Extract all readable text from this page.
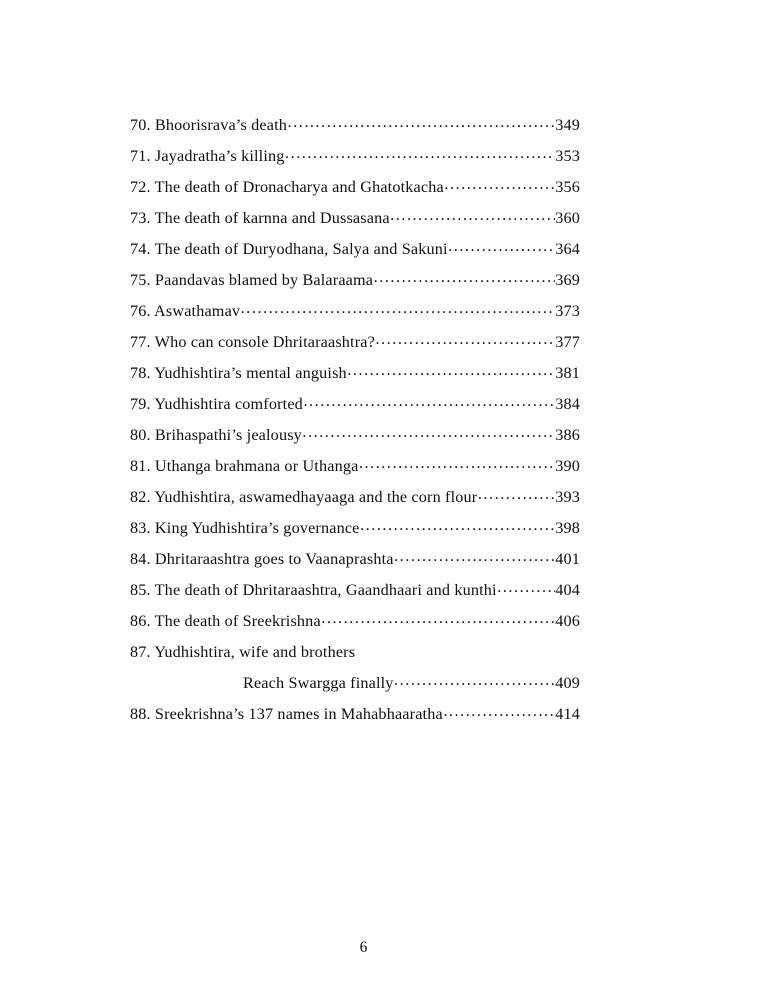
70. Bhoorisrava’s death .....	349
71. Jayadratha’s killing .....	353
72. The death of Dronacharya and Ghatotkacha .....	356
73. The death of karnna and Dussasana .....	360
74. The death of Duryodhana, Salya and Sakuni .....	364
75. Paandavas blamed by Balaraama .....	369
76. Aswathamav .....	373
77. Who can console Dhritaraashtra? .....	377
78. Yudhishtira’s mental anguish .....	381
79. Yudhishtira comforted .....	384
80. Brihaspathi’s jealousy .....	386
81. Uthanga brahmana or Uthanga .....	390
82. Yudhishtira, aswamedhayaaga and the corn flour .....	393
83. King Yudhishtira’s governance .....	398
84. Dhritaraashtra goes to Vaanaprashta .....	401
85. The death of Dhritaraashtra, Gaandhaari and kunthi .....	404
86. The death of Sreekrishna .....	406
87. Yudhishtira, wife and brothers
Reach Swargga finally .....	409
88. Sreekrishna’s 137 names in Mahabhaaratha .....	414
6
